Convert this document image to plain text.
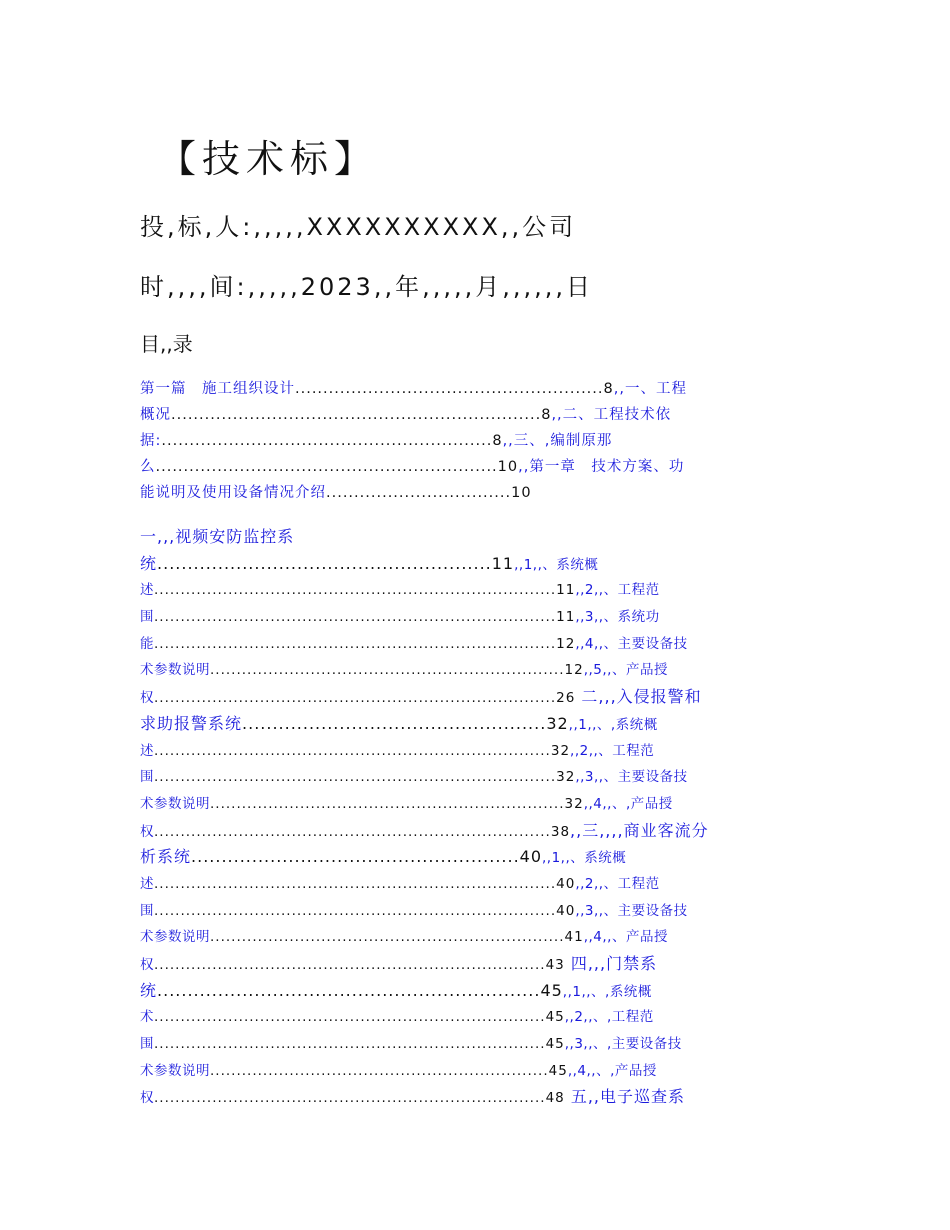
【技术标】
投,标,人:,,,,,XXXXXXXXXX,,公司
时,,,,间:,,,,,2023,,年,,,,,月,,,,,,日
目,,录
第一篇　施工组织设计.......................................................8,,一、工程
概况..................................................................8,,二、工程技术依
据:...........................................................8,,三、,编制原那
么.............................................................10,,第一章　技术方案、功
能说明及使用设备情况介绍.................................10
一,,,视频安防监控系
统.......................................................11,,1,,、系统概
述............................................................................11,,2,,、工程范
围............................................................................11,,3,,、系统功
能............................................................................12,,4,,、主要设备技
术参数说明...................................................................12,,5,,、产品授
权............................................................................26 二,,,入侵报警和
求助报警系统..................................................32,,1,,、,系统概
述...........................................................................32,,2,,、工程范
围............................................................................32,,3,,、主要设备技
术参数说明...................................................................32,,4,,、,产品授
权...........................................................................38,,三,,,,商业客流分
析系统......................................................40,,1,,、系统概
述............................................................................40,,2,,、工程范
围............................................................................40,,3,,、主要设备技
术参数说明...................................................................41,,4,,、产品授
权..........................................................................43 四,,,门禁系
统...............................................................45,,1,,、,系统概
术..........................................................................45,,2,,、,工程范
围..........................................................................45,,3,,、,主要设备技
术参数说明................................................................45,,4,,、,产品授
权..........................................................................48 五,,电子巡查系
